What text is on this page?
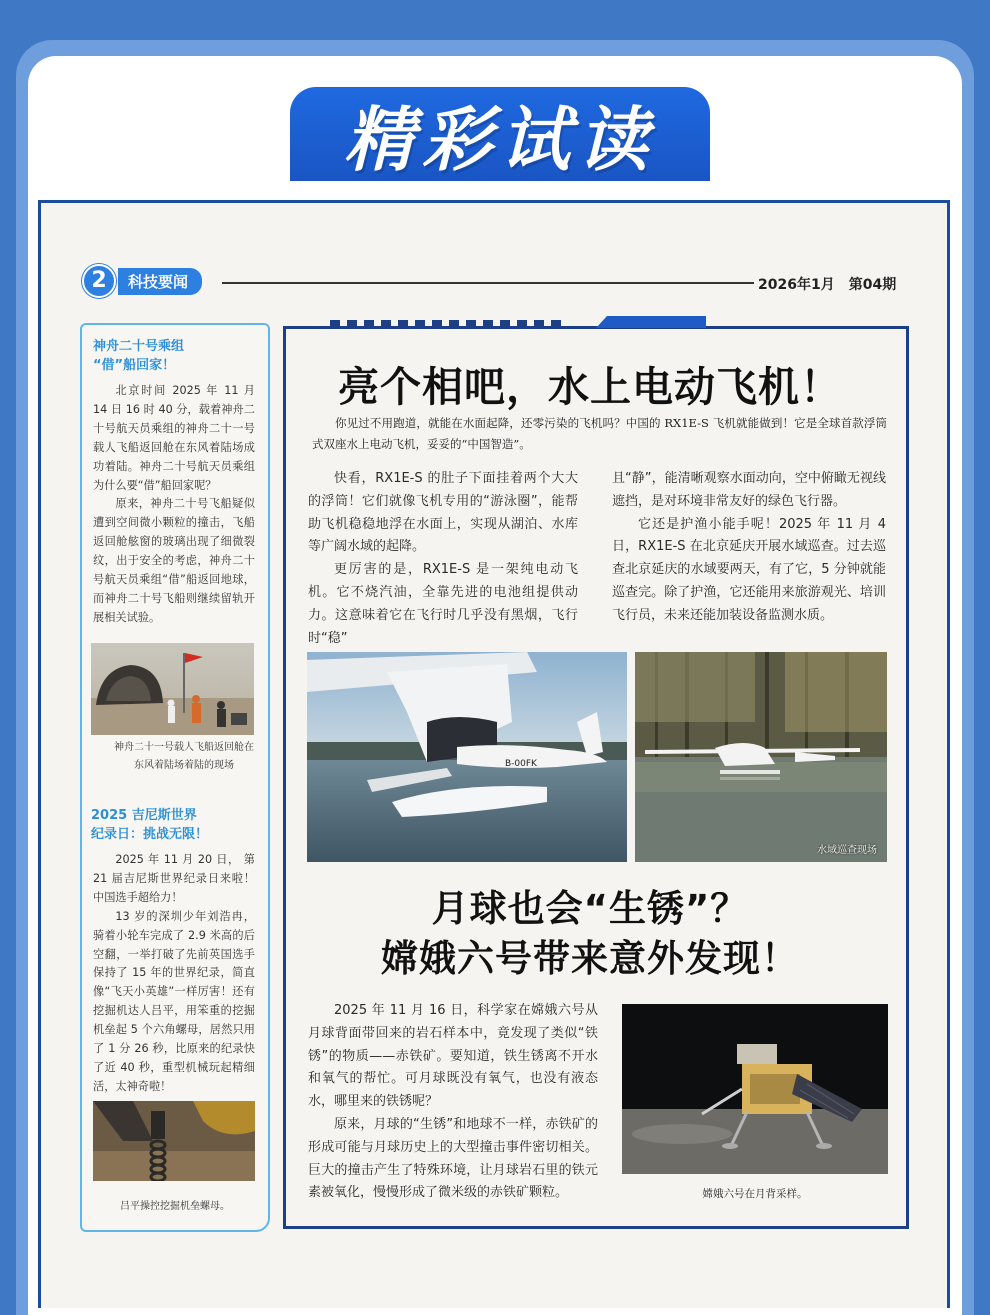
精彩试读
2	科技要闻	2026年1月 第04期
神舟二十号乘组
“借”船回家！

北京时间 2025 年 11 月 14 日 16 时 40 分，载着神舟二十号航天员乘组的神舟二十一号载人飞船返回舱在东风着陆场成功着陆。神舟二十号航天员乘组为什么要“借”船回家呢？

原来，神舟二十号飞船疑似遭到空间微小颗粒的撞击，飞船返回舱舷窗的玻璃出现了细微裂纹，出于安全的考虑，神舟二十号航天员乘组“借”船返回地球，而神舟二十号飞船则继续留轨开展相关试验。

神舟二十一号载人飞船返回舱在东风着陆场着陆的现场
2025 吉尼斯世界
纪录日：挑战无限！

2025 年 11 月 20 日， 第 21 届吉尼斯世界纪录日来啦！中国选手超给力！

13 岁的深圳少年刘浩冉，骑着小轮车完成了 2.9 米高的后空翻，一举打破了先前英国选手保持了 15 年的世界纪录，简直像“飞天小英雄”一样厉害！还有挖掘机达人吕平，用笨重的挖掘机垒起 5 个六角螺母，居然只用了 1 分 26 秒，比原来的纪录快了近 40 秒，重型机械玩起精细活，太神奇啦！

吕平操控挖掘机垒螺母。
亮个相吧，水上电动飞机！
你见过不用跑道，就能在水面起降，还零污染的飞机吗？中国的 RX1E-S 飞机就能做到！它是全球首款浮筒式双座水上电动飞机，妥妥的“中国智造”。

快看，RX1E-S 的肚子下面挂着两个大大的浮筒！它们就像飞机专用的“游泳圈”，能帮助飞机稳稳地浮在水面上，实现从湖泊、水库等广阔水域的起降。

更厉害的是，RX1E-S 是一架纯电动飞机。它不烧汽油，全靠先进的电池组提供动力。这意味着它在飞行时几乎没有黑烟，飞行时“稳”

且“静”，能清晰观察水面动向，空中俯瞰无视线遮挡，是对环境非常友好的绿色飞行器。

它还是护渔小能手呢！2025 年 11 月 4 日，RX1E-S 在北京延庆开展水域巡查。过去巡查北京延庆的水域要两天，有了它，5 分钟就能巡查完。除了护渔，它还能用来旅游观光、培训飞行员，未来还能加装设备监测水质。

B-00FK
水域巡查现场
月球也会“生锈”？
嫦娥六号带来意外发现！

2025 年 11 月 16 日，科学家在嫦娥六号从月球背面带回来的岩石样本中，竟发现了类似“铁锈”的物质——赤铁矿。要知道，铁生锈离不开水和氧气的帮忙。可月球既没有氧气，也没有液态水，哪里来的铁锈呢？

原来，月球的“生锈”和地球不一样，赤铁矿的形成可能与月球历史上的大型撞击事件密切相关。巨大的撞击产生了特殊环境，让月球岩石里的铁元素被氧化，慢慢形成了微米级的赤铁矿颗粒。	嫦娥六号在月背采样。
